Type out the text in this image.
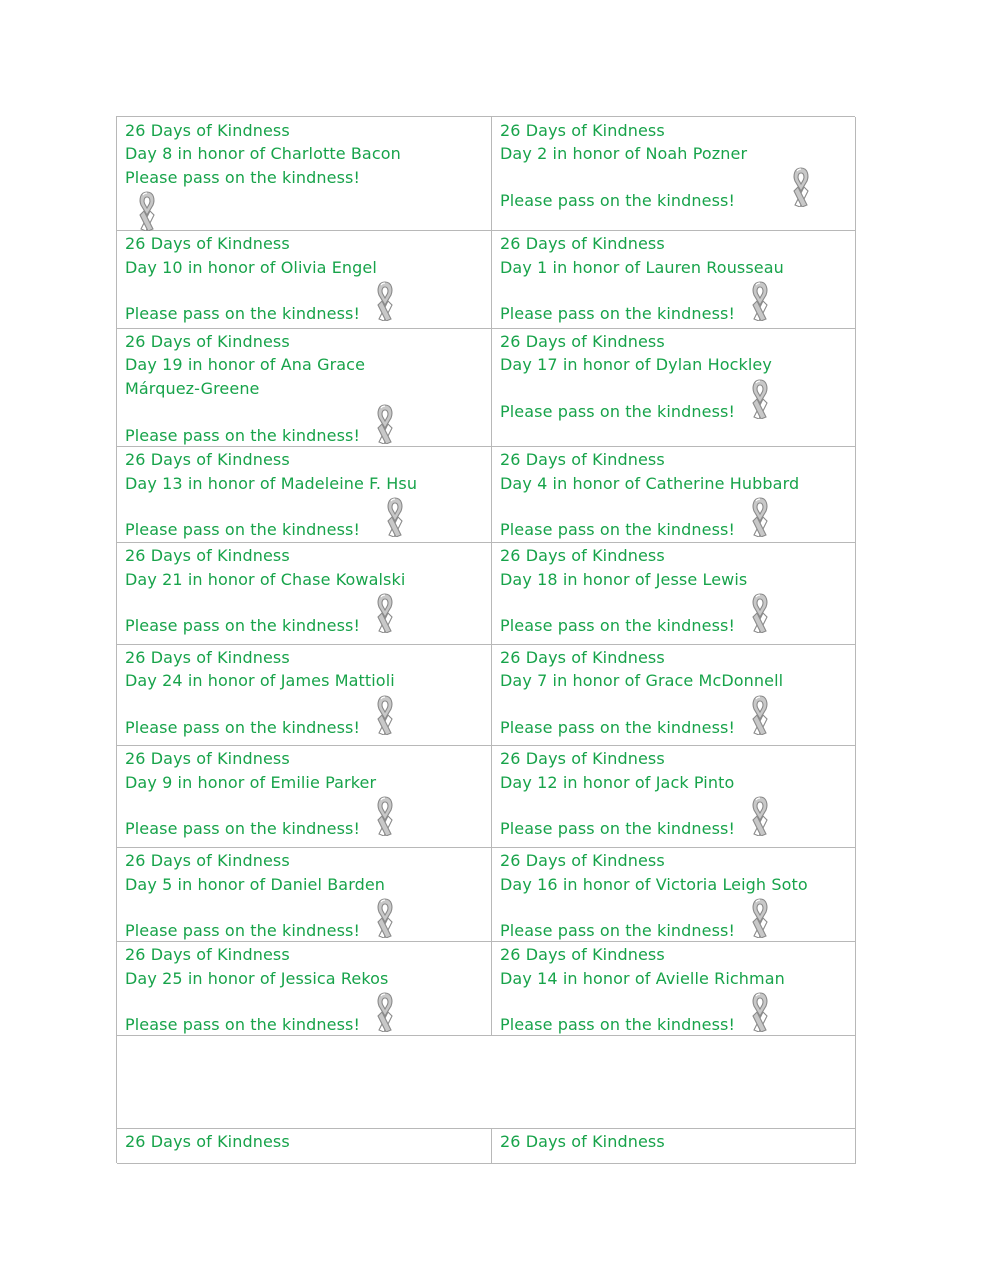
26 Days of Kindness
Day 8 in honor of Charlotte Bacon
Please pass on the kindness!
26 Days of Kindness
Day 2 in honor of Noah Pozner
Please pass on the kindness!
26 Days of Kindness
Day 10 in honor of Olivia Engel
Please pass on the kindness!
26 Days of Kindness
Day 1 in honor of Lauren Rousseau
Please pass on the kindness!
26 Days of Kindness
Day 19 in honor of Ana Grace
Márquez-Greene
Please pass on the kindness!
26 Days of Kindness
Day 17 in honor of Dylan Hockley
Please pass on the kindness!
26 Days of Kindness
Day 13 in honor of Madeleine F. Hsu
Please pass on the kindness!
26 Days of Kindness
Day 4 in honor of Catherine Hubbard
Please pass on the kindness!
26 Days of Kindness
Day 21 in honor of Chase Kowalski
Please pass on the kindness!
26 Days of Kindness
Day 18 in honor of Jesse Lewis
Please pass on the kindness!
26 Days of Kindness
Day 24 in honor of James Mattioli
Please pass on the kindness!
26 Days of Kindness
Day 7 in honor of Grace McDonnell
Please pass on the kindness!
26 Days of Kindness
Day 9 in honor of Emilie Parker
Please pass on the kindness!
26 Days of Kindness
Day 12 in honor of Jack Pinto
Please pass on the kindness!
26 Days of Kindness
Day 5 in honor of Daniel Barden
Please pass on the kindness!
26 Days of Kindness
Day 16 in honor of Victoria Leigh Soto
Please pass on the kindness!
26 Days of Kindness
Day 25 in honor of Jessica Rekos
Please pass on the kindness!
26 Days of Kindness
Day 14 in honor of Avielle Richman
Please pass on the kindness!
26 Days of Kindness	26 Days of Kindness
